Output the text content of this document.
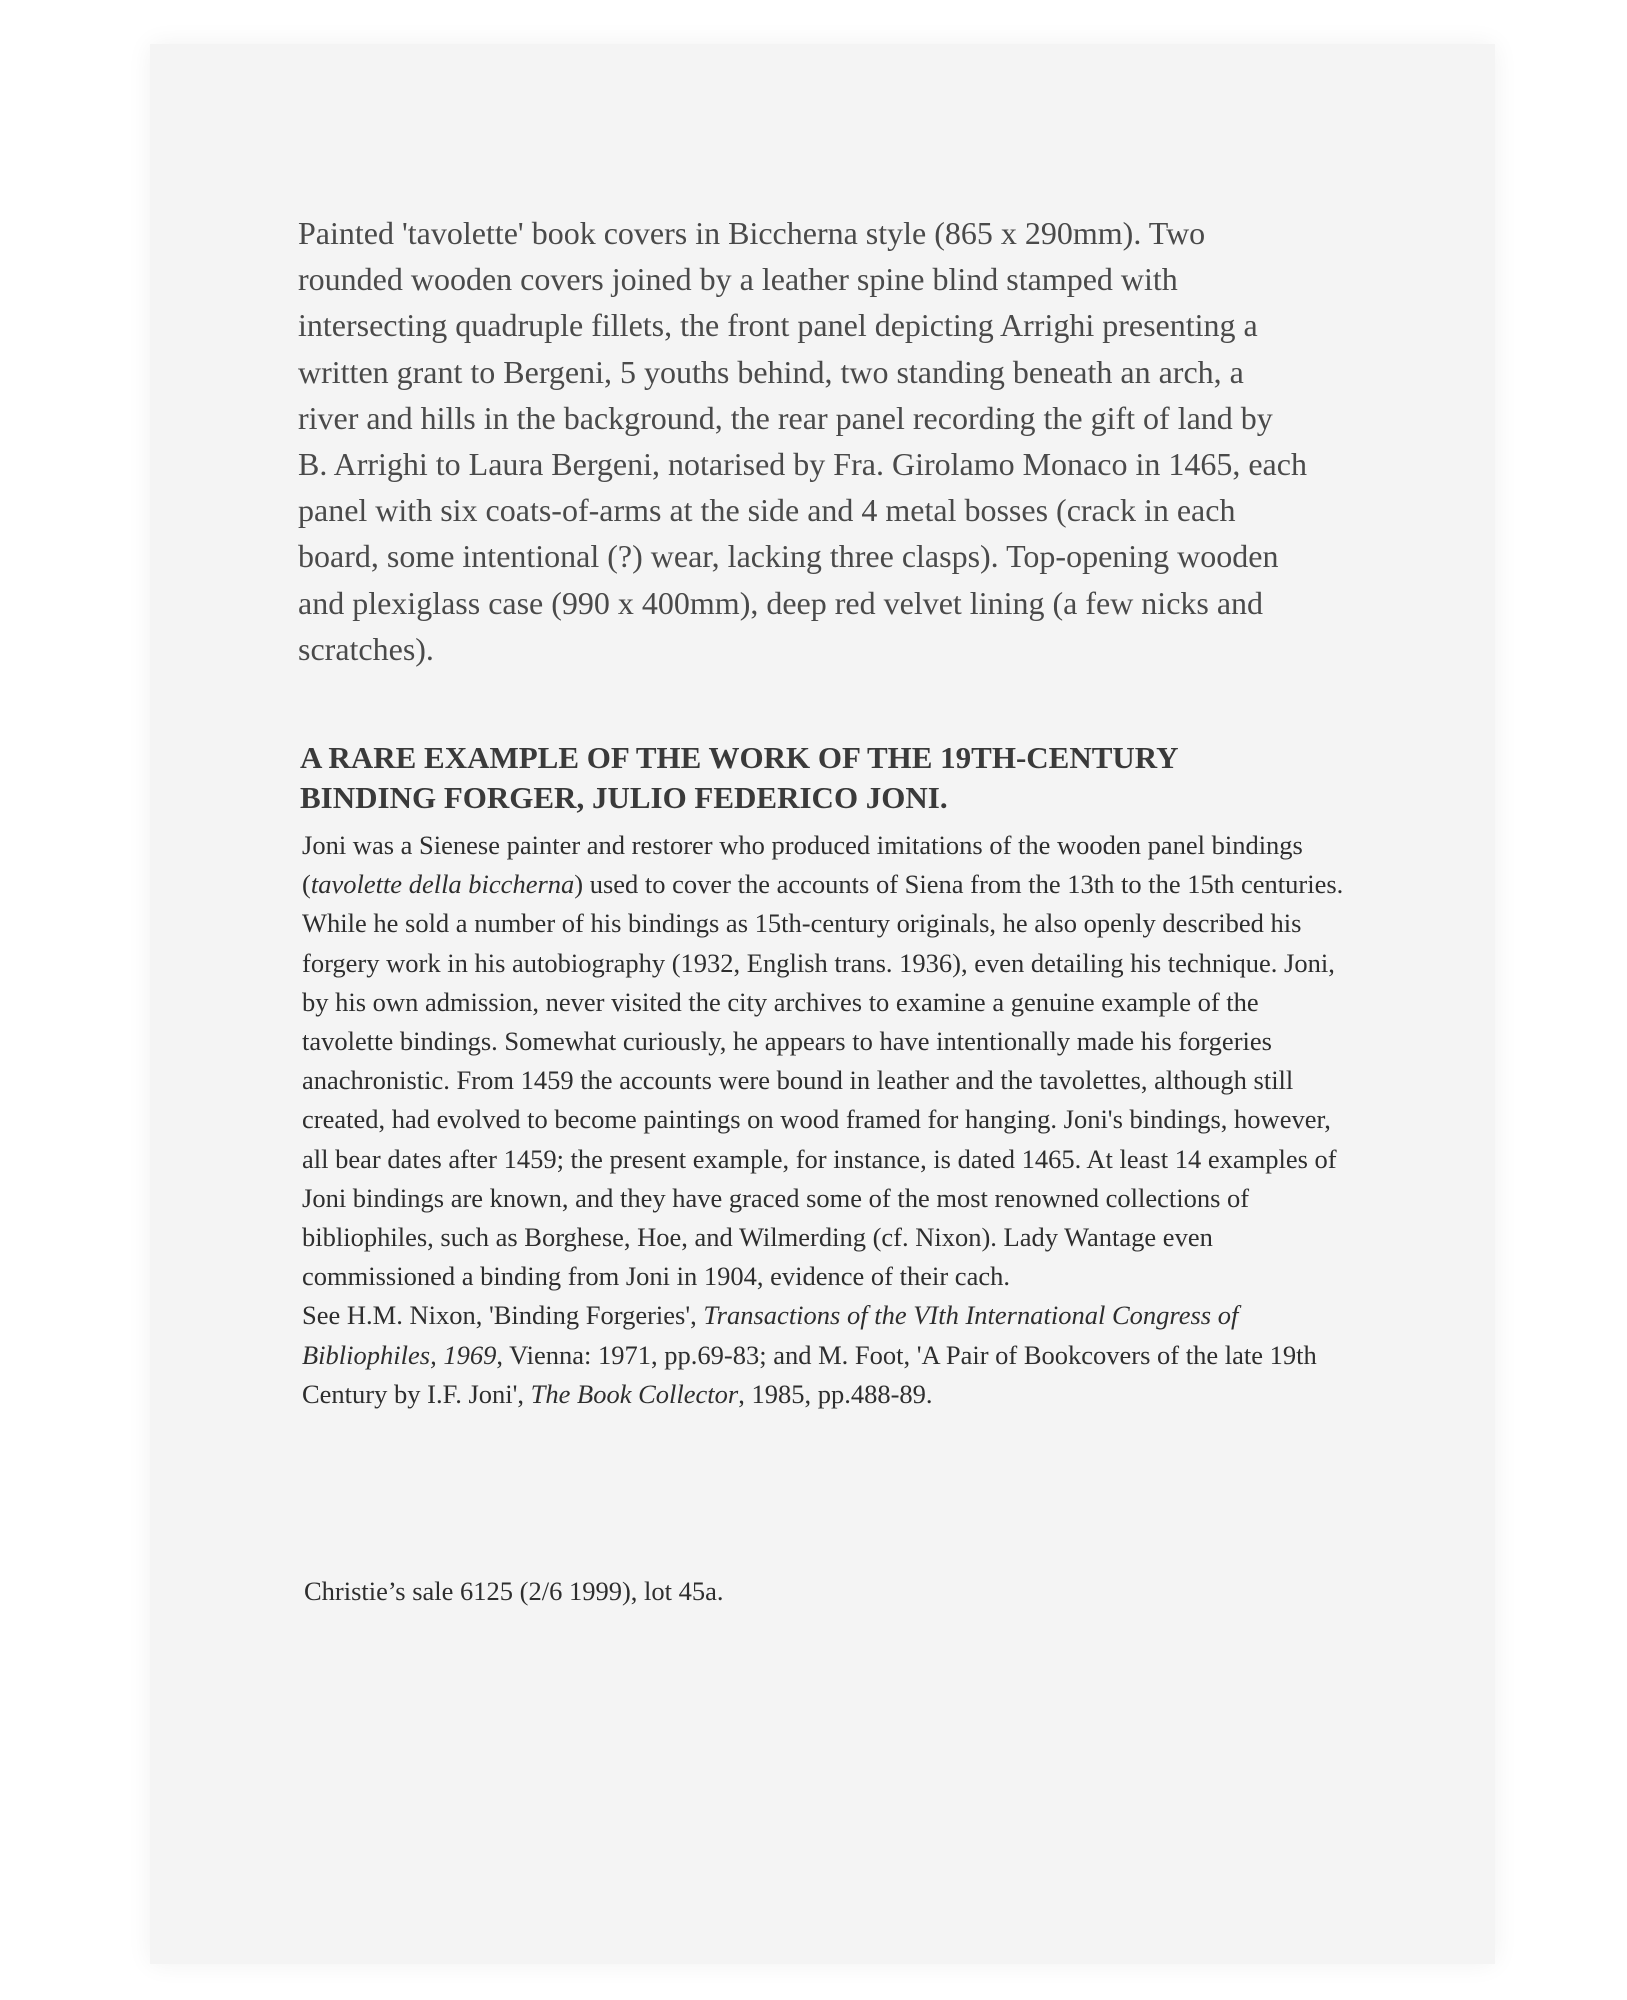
Painted 'tavolette' book covers in Biccherna style (865 x 290mm). Two rounded wooden covers joined by a leather spine blind stamped with intersecting quadruple fillets, the front panel depicting Arrighi presenting a written grant to Bergeni, 5 youths behind, two standing beneath an arch, a river and hills in the background, the rear panel recording the gift of land by B. Arrighi to Laura Bergeni, notarised by Fra. Girolamo Monaco in 1465, each panel with six coats-of-arms at the side and 4 metal bosses (crack in each board, some intentional (?) wear, lacking three clasps). Top-opening wooden and plexiglass case (990 x 400mm), deep red velvet lining (a few nicks and scratches).

A RARE EXAMPLE OF THE WORK OF THE 19TH-CENTURY BINDING FORGER, JULIO FEDERICO JONI.

Joni was a Sienese painter and restorer who produced imitations of the wooden panel bindings (tavolette della biccherna) used to cover the accounts of Siena from the 13th to the 15th centuries. While he sold a number of his bindings as 15th-century originals, he also openly described his forgery work in his autobiography (1932, English trans. 1936), even detailing his technique. Joni, by his own admission, never visited the city archives to examine a genuine example of the tavolette bindings. Somewhat curiously, he appears to have intentionally made his forgeries anachronistic. From 1459 the accounts were bound in leather and the tavolettes, although still created, had evolved to become paintings on wood framed for hanging. Joni's bindings, however, all bear dates after 1459; the present example, for instance, is dated 1465. At least 14 examples of Joni bindings are known, and they have graced some of the most renowned collections of bibliophiles, such as Borghese, Hoe, and Wilmerding (cf. Nixon). Lady Wantage even commissioned a binding from Joni in 1904, evidence of their cach.

See H.M. Nixon, 'Binding Forgeries', Transactions of the VIth International Congress of Bibliophiles, 1969, Vienna: 1971, pp.69-83; and M. Foot, 'A Pair of Bookcovers of the late 19th Century by I.F. Joni', The Book Collector, 1985, pp.488-89.

Christie’s sale 6125 (2/6 1999), lot 45a.
